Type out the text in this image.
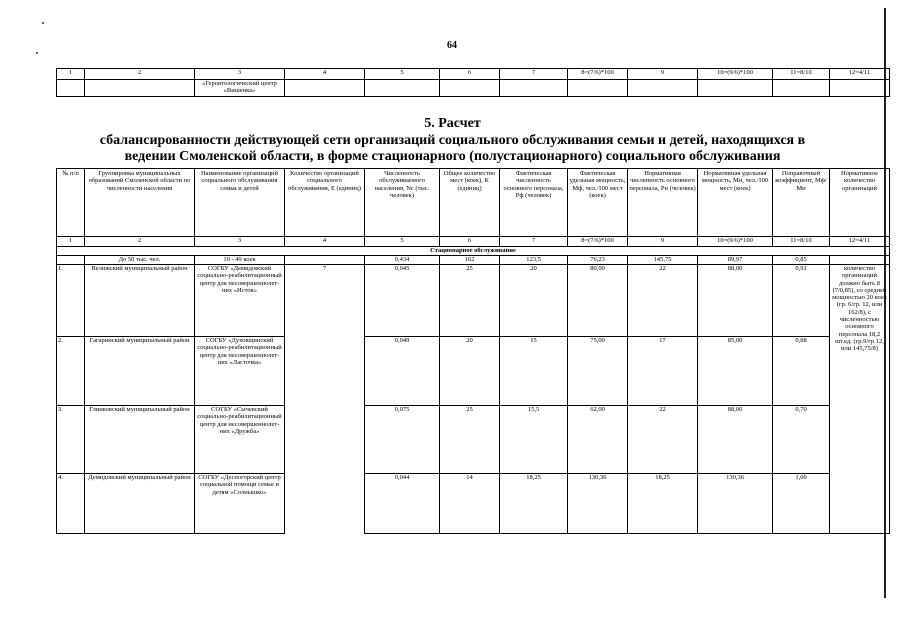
64
1	2	3	4	5	6	7	8=(7/6)*100	9	10=(9/6)*100	11=8/10	12=4/11
		«Геронтологический центр «Вишенка»									
5. Расчет
сбалансированности действующей сети организаций социального обслуживания семьи и детей, находящихся в
ведении Смоленской области, в форме стационарного (полустационарного) социального обслуживания
№ п/п	Группировка муниципальных образований Смоленской области по численности населения	Наименование организаций социального обслуживания семьи и детей	Количество организаций социального обслуживания, Е (единиц)	Численность обслуживаемого населения, Nc (тыс. человек)	Общее количество мест (коек), К (единиц)	Фактическая численность основного персонала, Рф (человек)	Фактическая удельная мощность, Мф, чел./100 мест (коек)	Нормативная численность основного персонала, Рн (человек)	Нормативная удельная мощность, Мн, чел./100 мест (коек)	Поправочный коэффициент, Мф/Мн	Нормативное количество организаций
1	2	3	4	5	6	7	8=(7/6)*100	9	10=(9/6)*100	11=8/10	12=4/11
Стационарное обслуживание											
	До 50 тыс. чел.	10 - 49 коек		0,434	162	123,5	76,23	145,75	89,97	0,85	
1.	Велижский муниципальный район	СОГБУ «Демидовский социально-реабилитационный центр для несовершеннолет-них «Исток»	7	0,045	25	20	80,00	22	88,00	0,91	количество организаций должно быть 8 (7/0,85), со средней мощностью 20 коек (гр. 6/гр. 12, или 162/8), с численностью основного персонала 18,2 шт.ед. (гр.9/гр.12, или 145,75/8)
2.	Гагаринский муниципальный район	СОГБУ «Духовщинский социально-реабилитационный центр для несовершеннолет-них «Ласточка»		0,049	20	15	75,00	17	85,00	0,88	
3.	Глинковский муниципальный район	СОГБУ «Сычевский социально-реабилитационный центр для несовершеннолет-них «Дружба»		0,075	25	15,5	62,00	22	88,00	0,70	
4.	Демидовский муниципальный район	СОГБУ «Десногорский центр социальной помощи семье и детям «Солнышко»		0,044	14	18,25	130,36	18,25	130,36	1,00	
